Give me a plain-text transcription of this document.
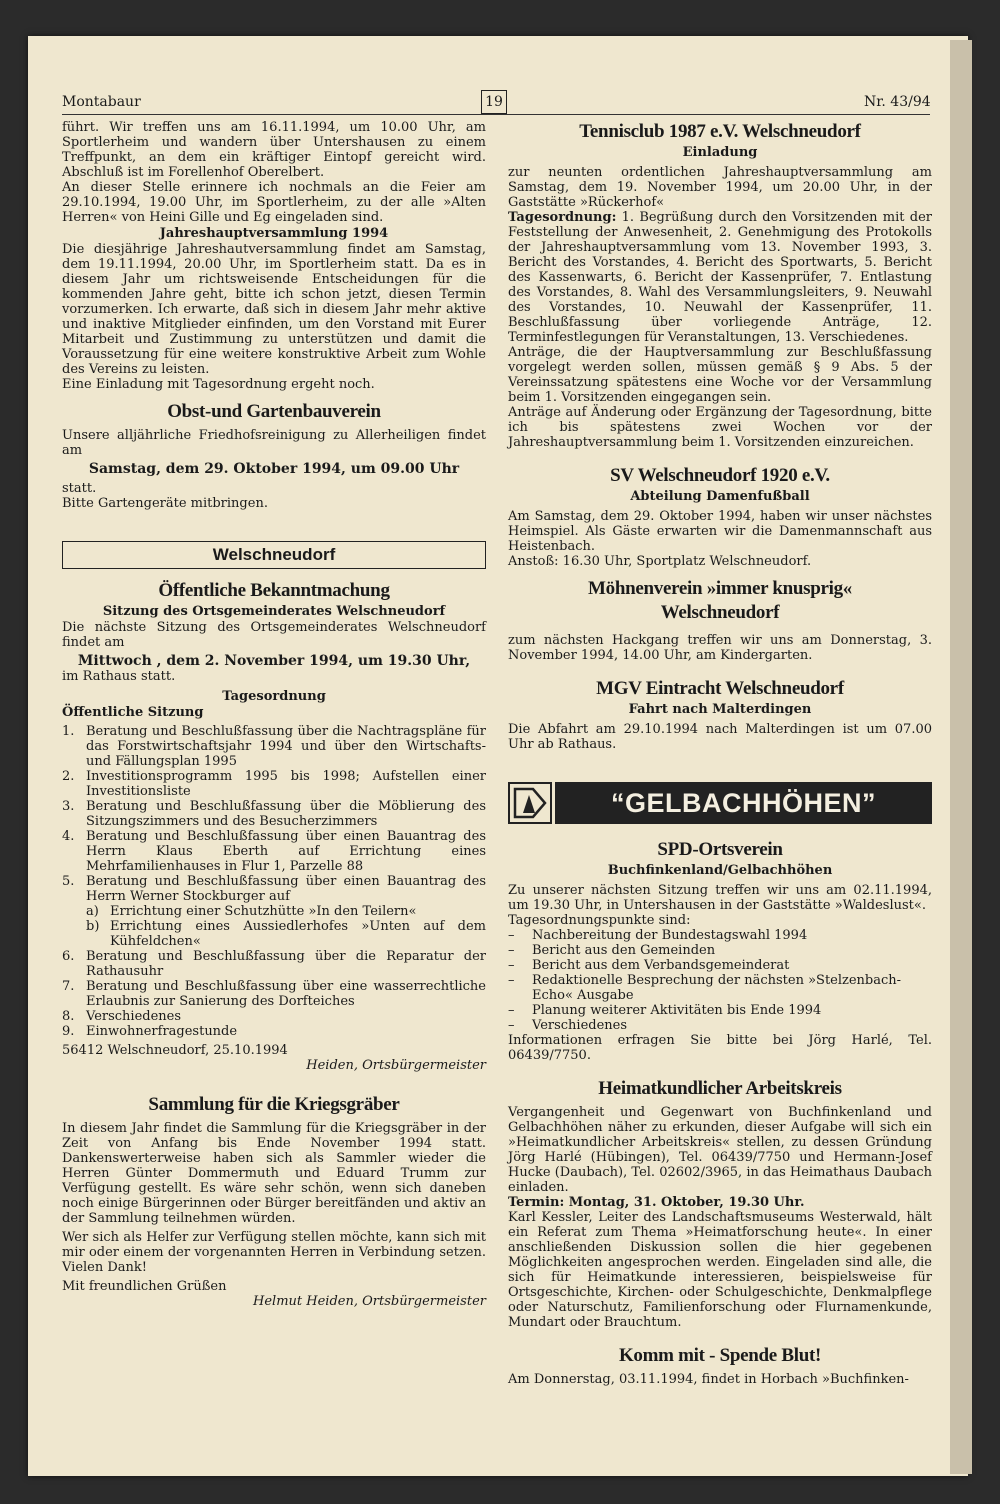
Montabaur	19	Nr. 43/94

führt. Wir treffen uns am 16.11.1994, um 10.00 Uhr, am Sportlerheim und wandern über Untershausen zu einem Treffpunkt, an dem ein kräftiger Eintopf gereicht wird. Abschluß ist im Forellenhof Oberelbert.

An dieser Stelle erinnere ich nochmals an die Feier am 29.10.1994, 19.00 Uhr, im Sportlerheim, zu der alle »Alten Herren« von Heini Gille und Eg eingeladen sind.

Jahreshauptversammlung 1994

Die diesjährige Jahreshautversammlung findet am Samstag, dem 19.11.1994, 20.00 Uhr, im Sportlerheim statt. Da es in diesem Jahr um richtsweisende Entscheidungen für die kommenden Jahre geht, bitte ich schon jetzt, diesen Termin vorzumerken. Ich erwarte, daß sich in diesem Jahr mehr aktive und inaktive Mitglieder einfinden, um den Vorstand mit Eurer Mitarbeit und Zustimmung zu unterstützen und damit die Voraussetzung für eine weitere konstruktive Arbeit zum Wohle des Vereins zu leisten.

Eine Einladung mit Tagesordnung ergeht noch.

Obst-und Gartenbauverein

Unsere alljährliche Friedhofsreinigung zu Allerheiligen findet am

Samstag, dem 29. Oktober 1994, um 09.00 Uhr

statt.

Bitte Gartengeräte mitbringen.

Welschneudorf
Öffentliche Bekanntmachung
Sitzung des Ortsgemeinderates Welschneudorf

Die nächste Sitzung des Ortsgemeinderates Welschneudorf findet am

Mittwoch , dem 2. November 1994, um 19.30 Uhr,

im Rathaus statt.

Tagesordnung
Öffentliche Sitzung
1. Beratung und Beschlußfassung über die Nachtragspläne für das Forstwirtschaftsjahr 1994 und über den Wirtschafts- und Fällungsplan 1995
2. Investitionsprogramm 1995 bis 1998; Aufstellen einer Investitionsliste
3. Beratung und Beschlußfassung über die Möblierung des Sitzungszimmers und des Besucherzimmers
4. Beratung und Beschlußfassung über einen Bauantrag des Herrn Klaus Eberth auf Errichtung eines Mehrfamilienhauses in Flur 1, Parzelle 88
5. Beratung und Beschlußfassung über einen Bauantrag des Herrn Werner Stockburger auf
a) Errichtung einer Schutzhütte »In den Teilern«
b) Errichtung eines Aussiedlerhofes »Unten auf dem Kühfeldchen«
6. Beratung und Beschlußfassung über die Reparatur der Rathausuhr
7. Beratung und Beschlußfassung über eine wasserrechtliche Erlaubnis zur Sanierung des Dorfteiches
8. Verschiedenes
9. Einwohnerfragestunde

56412 Welschneudorf, 25.10.1994

Heiden, Ortsbürgermeister
Sammlung für die Kriegsgräber

In diesem Jahr findet die Sammlung für die Kriegsgräber in der Zeit von Anfang bis Ende November 1994 statt. Dankenswerterweise haben sich als Sammler wieder die Herren Günter Dommermuth und Eduard Trumm zur Verfügung gestellt. Es wäre sehr schön, wenn sich daneben noch einige Bürgerinnen oder Bürger bereitfänden und aktiv an der Sammlung teilnehmen würden.

Wer sich als Helfer zur Verfügung stellen möchte, kann sich mit mir oder einem der vorgenannten Herren in Verbindung setzen. Vielen Dank!

Mit freundlichen Grüßen

Helmut Heiden, Ortsbürgermeister
Tennisclub 1987 e.V. Welschneudorf
Einladung

zur neunten ordentlichen Jahreshauptversammlung am Samstag, dem 19. November 1994, um 20.00 Uhr, in der Gaststätte »Rückerhof«

Tagesordnung: 1. Begrüßung durch den Vorsitzenden mit der Feststellung der Anwesenheit, 2. Genehmigung des Protokolls der Jahreshauptversammlung vom 13. November 1993, 3. Bericht des Vorstandes, 4. Bericht des Sportwarts, 5. Bericht des Kassenwarts, 6. Bericht der Kassenprüfer, 7. Entlastung des Vorstandes, 8. Wahl des Versammlungsleiters, 9. Neuwahl des Vorstandes, 10. Neuwahl der Kassenprüfer, 11. Beschlußfassung über vorliegende Anträge, 12. Terminfestlegungen für Veranstaltungen, 13. Verschiedenes.

Anträge, die der Hauptversammlung zur Beschlußfassung vorgelegt werden sollen, müssen gemäß § 9 Abs. 5 der Vereinssatzung spätestens eine Woche vor der Versammlung beim 1. Vorsitzenden eingegangen sein.

Anträge auf Änderung oder Ergänzung der Tagesordnung, bitte ich bis spätestens zwei Wochen vor der Jahreshauptversammlung beim 1. Vorsitzenden einzureichen.

SV Welschneudorf 1920 e.V.
Abteilung Damenfußball

Am Samstag, dem 29. Oktober 1994, haben wir unser nächstes Heimspiel. Als Gäste erwarten wir die Damenmannschaft aus Heistenbach.

Anstoß: 16.30 Uhr, Sportplatz Welschneudorf.

Möhnenverein »immer knusprig«
Welschneudorf

zum nächsten Hackgang treffen wir uns am Donnerstag, 3. November 1994, 14.00 Uhr, am Kindergarten.

MGV Eintracht Welschneudorf
Fahrt nach Malterdingen

Die Abfahrt am 29.10.1994 nach Malterdingen ist um 07.00 Uhr ab Rathaus.

“GELBACHHÖHEN”
SPD-Ortsverein
Buchfinkenland/Gelbachhöhen

Zu unserer nächsten Sitzung treffen wir uns am 02.11.1994, um 19.30 Uhr, in Untershausen in der Gaststätte »Waldeslust«.

Tagesordnungspunkte sind:

–	Nachbereitung der Bundestagswahl 1994
–	Bericht aus den Gemeinden
–	Bericht aus dem Verbandsgemeinderat
–	Redaktionelle Besprechung der nächsten »Stelzenbach-Echo« Ausgabe
–	Planung weiterer Aktivitäten bis Ende 1994
–	Verschiedenes

Informationen erfragen Sie bitte bei Jörg Harlé, Tel. 06439/7750.

Heimatkundlicher Arbeitskreis

Vergangenheit und Gegenwart von Buchfinkenland und Gelbachhöhen näher zu erkunden, dieser Aufgabe will sich ein »Heimatkundlicher Arbeitskreis« stellen, zu dessen Gründung Jörg Harlé (Hübingen), Tel. 06439/7750 und Hermann-Josef Hucke (Daubach), Tel. 02602/3965, in das Heimathaus Daubach einladen.

Termin: Montag, 31. Oktober, 19.30 Uhr.

Karl Kessler, Leiter des Landschaftsmuseums Westerwald, hält ein Referat zum Thema »Heimatforschung heute«. In einer anschließenden Diskussion sollen die hier gegebenen Möglichkeiten angesprochen werden. Eingeladen sind alle, die sich für Heimatkunde interessieren, beispielsweise für Ortsgeschichte, Kirchen- oder Schulgeschichte, Denkmalpflege oder Naturschutz, Familienforschung oder Flurnamenkunde, Mundart oder Brauchtum.

Komm mit - Spende Blut!

Am Donnerstag, 03.11.1994, findet in Horbach »Buchfinken-
